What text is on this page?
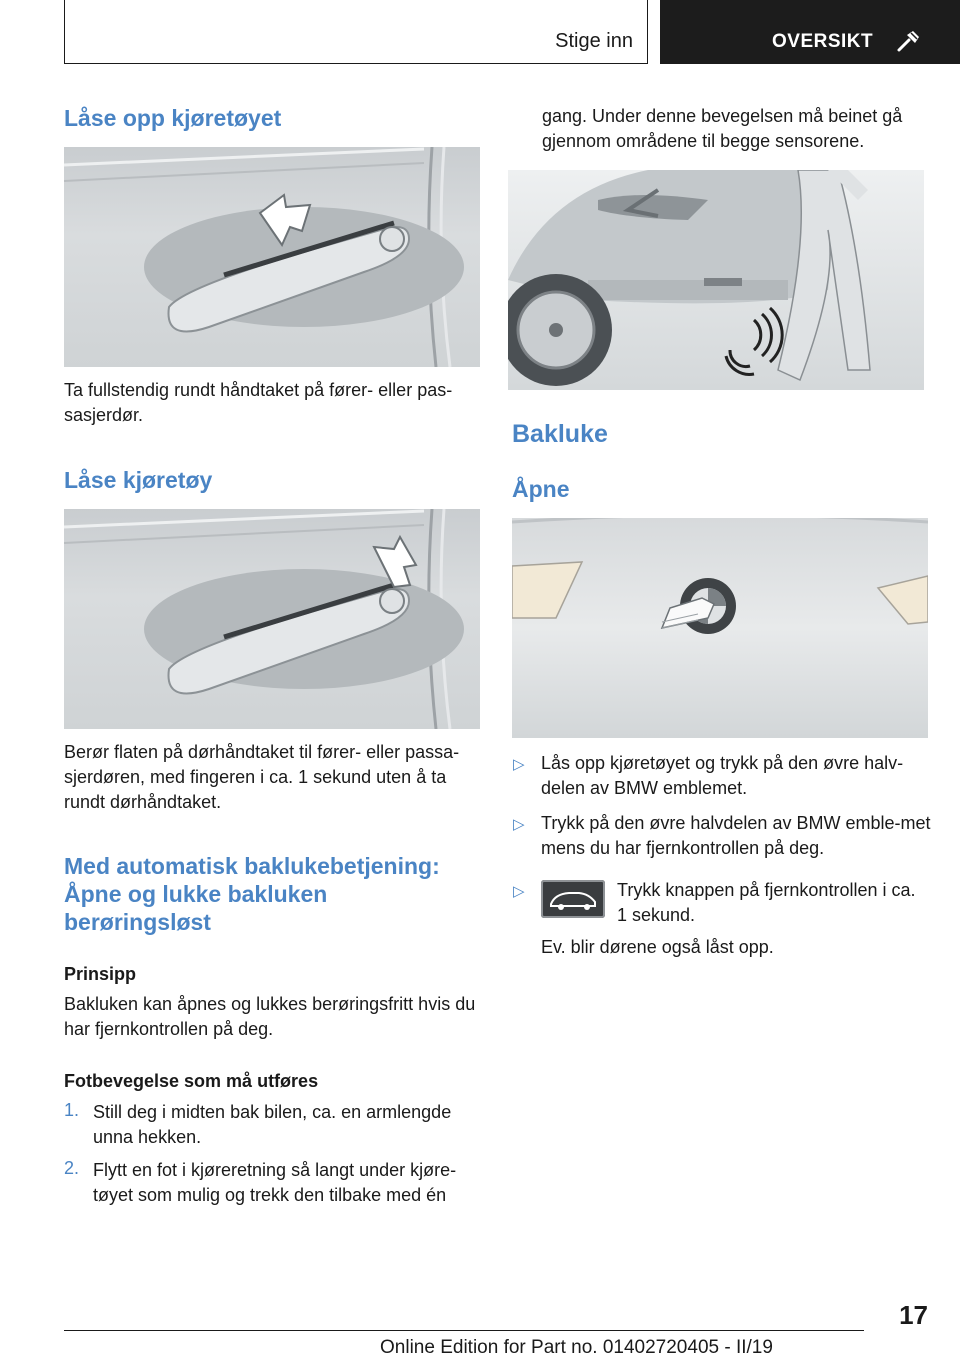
Stige inn	OVERSIKT
Låse opp kjøretøyet
Ta fullstendig rundt håndtaket på fører- eller pas-sasjerdør.
Låse kjøretøy
Berør flaten på dørhåndtaket til fører- eller passa-sjerdøren, med fingeren i ca. 1 sekund uten å ta rundt dørhåndtaket.
Med automatisk baklukebetjening: Åpne og lukke bakluken berøringsløst
Prinsipp
Bakluken kan åpnes og lukkes berøringsfritt hvis du har fjernkontrollen på deg.
Fotbevegelse som må utføres
1. Still deg i midten bak bilen, ca. en armlengde unna hekken.
2. Flytt en fot i kjøreretning så langt under kjøre-tøyet som mulig og trekk den tilbake med én
gang. Under denne bevegelsen må beinet gå gjennom områdene til begge sensorene.
Bakluke
Åpne
▷ Lås opp kjøretøyet og trykk på den øvre halv-delen av BMW emblemet.
▷ Trykk på den øvre halvdelen av BMW emble-met mens du har fjernkontrollen på deg.
▷	Trykk knappen på fjernkontrollen i ca. 1 sekund.
Ev. blir dørene også låst opp.
17
Online Edition for Part no. 01402720405 - II/19
